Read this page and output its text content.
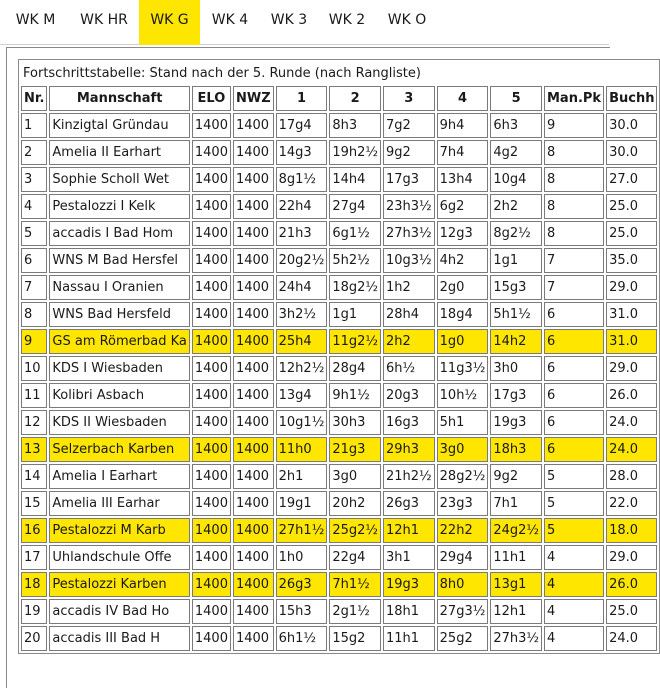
WK M	WK HR	WK G	WK 4	WK 3	WK 2	WK O
Fortschrittstabelle: Stand nach der 5. Runde (nach Rangliste)										
Nr.	Mannschaft	ELO	NWZ	1	2	3	4	5	Man.Pk	Buchh
1	Kinzigtal Gründau	1400	1400	17g4	8h3	7g2	9h4	6h3	9	30.0
2	Amelia II Earhart	1400	1400	14g3	19h2½	9g2	7h4	4g2	8	30.0
3	Sophie Scholl Wet	1400	1400	8g1½	14h4	17g3	13h4	10g4	8	27.0
4	Pestalozzi I Kelk	1400	1400	22h4	27g4	23h3½	6g2	2h2	8	25.0
5	accadis I Bad Hom	1400	1400	21h3	6g1½	27h3½	12g3	8g2½	8	25.0
6	WNS M Bad Hersfel	1400	1400	20g2½	5h2½	10g3½	4h2	1g1	7	35.0
7	Nassau I Oranien	1400	1400	24h4	18g2½	1h2	2g0	15g3	7	29.0
8	WNS Bad Hersfeld	1400	1400	3h2½	1g1	28h4	18g4	5h1½	6	31.0
9	GS am Römerbad Ka	1400	1400	25h4	11g2½	2h2	1g0	14h2	6	31.0
10	KDS I Wiesbaden	1400	1400	12h2½	28g4	6h½	11g3½	3h0	6	29.0
11	Kolibri Asbach	1400	1400	13g4	9h1½	20g3	10h½	17g3	6	26.0
12	KDS II Wiesbaden	1400	1400	10g1½	30h3	16g3	5h1	19g3	6	24.0
13	Selzerbach Karben	1400	1400	11h0	21g3	29h3	3g0	18h3	6	24.0
14	Amelia I Earhart	1400	1400	2h1	3g0	21h2½	28g2½	9g2	5	28.0
15	Amelia III Earhar	1400	1400	19g1	20h2	26g3	23g3	7h1	5	22.0
16	Pestalozzi M Karb	1400	1400	27h1½	25g2½	12h1	22h2	24g2½	5	18.0
17	Uhlandschule Offe	1400	1400	1h0	22g4	3h1	29g4	11h1	4	29.0
18	Pestalozzi Karben	1400	1400	26g3	7h1½	19g3	8h0	13g1	4	26.0
19	accadis IV Bad Ho	1400	1400	15h3	2g1½	18h1	27g3½	12h1	4	25.0
20	accadis III Bad H	1400	1400	6h1½	15g2	11h1	25g2	27h3½	4	24.0
